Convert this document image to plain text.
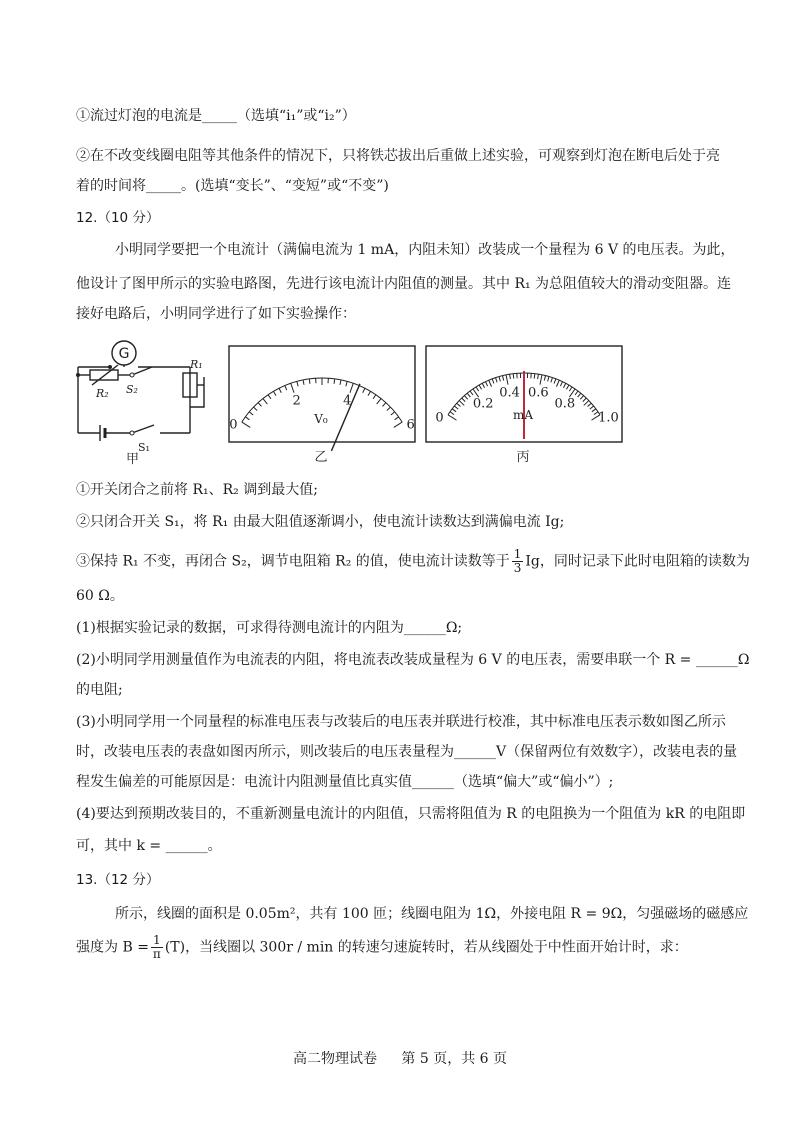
①流过灯泡的电流是_____（选填“i₁”或“i₂”）
②在不改变线圈电阻等其他条件的情况下，只将铁芯拔出后重做上述实验，可观察到灯泡在断电后处于亮
着的时间将_____。(选填“变长”、“变短”或“不变”)
12.（10 分）
小明同学要把一个电流计（满偏电流为 1 mA，内阻未知）改装成一个量程为 6 V 的电压表。为此，
他设计了图甲所示的实验电路图，先进行该电流计内阻值的测量。其中 R₁ 为总阻值较大的滑动变阻器。连
接好电路后，小明同学进行了如下实验操作：
G
R₁
R₂ S₂
S₁
甲
0
2	4
6
V₀
乙
0
0.2
0.4 0.6
0.8
1.0
mA
丙
①开关闭合之前将 R₁、R₂ 调到最大值;
②只闭合开关 S₁，将 R₁ 由最大阻值逐渐调小，使电流计读数达到满偏电流 Ig;
③保持 R₁ 不变，再闭合 S₂，调节电阻箱 R₂ 的值，使电流计读数等于 $\frac{1}{3}$ Ig，同时记录下此时电阻箱的读数为
60 Ω。
(1)根据实验记录的数据，可求得待测电流计的内阻为______Ω;
(2)小明同学用测量值作为电流表的内阻，将电流表改装成量程为 6 V 的电压表，需要串联一个 R = ______Ω
的电阻;
(3)小明同学用一个同量程的标准电压表与改装后的电压表并联进行校准，其中标准电压表示数如图乙所示
时，改装电压表的表盘如图丙所示，则改装后的电压表量程为______V（保留两位有效数字），改装电表的量
程发生偏差的可能原因是：电流计内阻测量值比真实值______（选填“偏大”或“偏小”）;
(4)要达到预期改装目的，不重新测量电流计的内阻值，只需将阻值为 R 的电阻换为一个阻值为 kR 的电阻即
可，其中 k = ______。
13.（12 分）
所示，线圈的面积是 0.05m²，共有 100 匝；线圈电阻为 1Ω，外接电阻 R = 9Ω，匀强磁场的磁感应
强度为 $B = \frac{1}{\pi} (T)$，当线圈以 300r / min 的转速匀速旋转时，若从线圈处于中性面开始计时，求：
高二物理试卷 第 5 页，共 6 页
